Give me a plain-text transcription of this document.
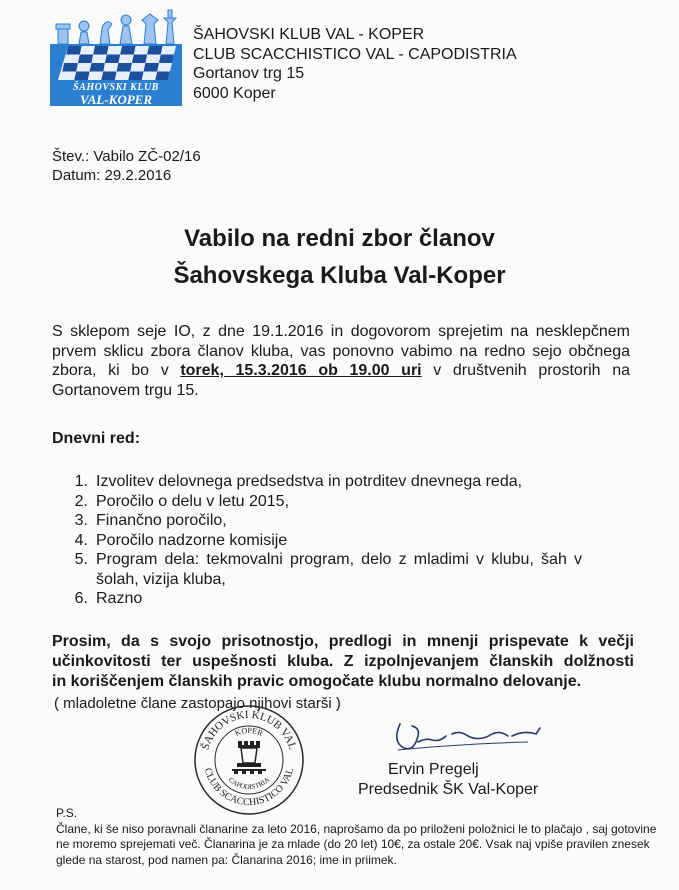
ŠAHOVSKI KLUB
VAL-KOPER
ŠAHOVSKI KLUB VAL - KOPER
CLUB SCACCHISTICO VAL - CAPODISTRIA
Gortanov trg 15
6000 Koper
Štev.: Vabilo ZČ-02/16
Datum: 29.2.2016
Vabilo na redni zbor članov
Šahovskega Kluba Val-Koper
S sklepom seje IO, z dne 19.1.2016 in dogovorom sprejetim na nesklepčnem prvem sklicu zbora članov kluba, vas ponovno vabimo na redno sejo občnega zbora, ki bo v torek, 15.3.2016 ob 19.00 uri v društvenih prostorih na Gortanovem trgu 15.
Dnevni red:
1. Izvolitev delovnega predsedstva in potrditev dnevnega reda,
2. Poročilo o delu v letu 2015,
3. Finančno poročilo,
4. Poročilo nadzorne komisije
5. Program dela: tekmovalni program, delo z mladimi v klubu, šah v šolah, vizija kluba,
6. Razno
Prosim, da s svojo prisotnostjo, predlogi in mnenji prispevate k večji
učinkovitosti ter uspešnosti kluba. Z izpolnjevanjem članskih dolžnosti
in koriščenjem članskih pravic omogočate klubu normalno delovanje.
( mladoletne člane zastopajo njihovi starši )
ŠAHOVSKI KLUB VAL
CLUB SCACCHISTICO VAL
KOPER
CAPODISTRIA
Ervin Pregelj
Predsednik ŠK Val-Koper
P.S.
Člane, ki še niso poravnali članarine za leto 2016, naprošamo da po priloženi položnici le to plačajo , saj gotovine ne moremo sprejemati več. Članarina je za mlade (do 20 let) 10€, za ostale 20€. Vsak naj vpiše pravilen znesek glede na starost, pod namen pa: Članarina 2016; ime in priimek.
